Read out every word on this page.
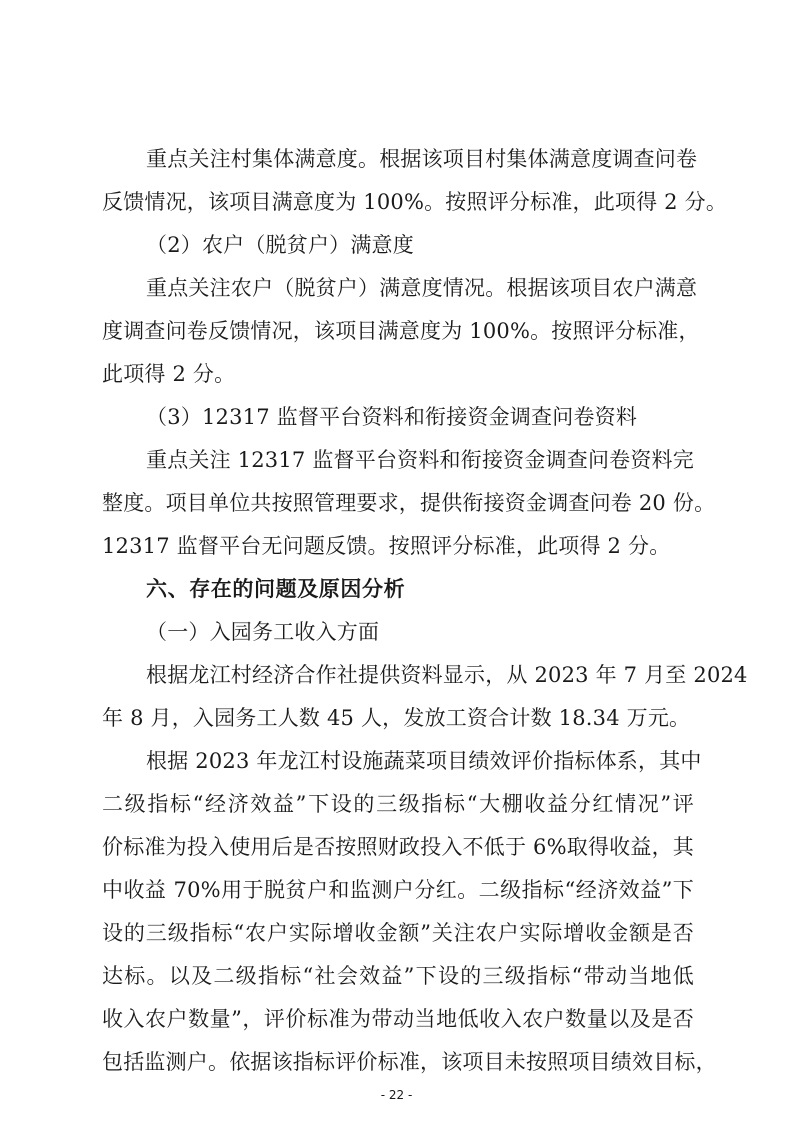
重点关注村集体满意度。根据该项目村集体满意度调查问卷
反馈情况，该项目满意度为 100%。按照评分标准，此项得 2 分。
（2）农户（脱贫户）满意度
重点关注农户（脱贫户）满意度情况。根据该项目农户满意
度调查问卷反馈情况，该项目满意度为 100%。按照评分标准，
此项得 2 分。
（3）12317 监督平台资料和衔接资金调查问卷资料
重点关注 12317 监督平台资料和衔接资金调查问卷资料完
整度。项目单位共按照管理要求，提供衔接资金调查问卷 20 份。
12317 监督平台无问题反馈。按照评分标准，此项得 2 分。
六、存在的问题及原因分析
（一）入园务工收入方面
根据龙江村经济合作社提供资料显示，从 2023 年 7 月至 2024
年 8 月，入园务工人数 45 人，发放工资合计数 18.34 万元。
根据 2023 年龙江村设施蔬菜项目绩效评价指标体系，其中
二级指标“经济效益”下设的三级指标“大棚收益分红情况”评
价标准为投入使用后是否按照财政投入不低于 6%取得收益，其
中收益 70%用于脱贫户和监测户分红。二级指标“经济效益”下
设的三级指标“农户实际增收金额”关注农户实际增收金额是否
达标。以及二级指标“社会效益”下设的三级指标“带动当地低
收入农户数量”，评价标准为带动当地低收入农户数量以及是否
包括监测户。依据该指标评价标准，该项目未按照项目绩效目标，
- 22 -
